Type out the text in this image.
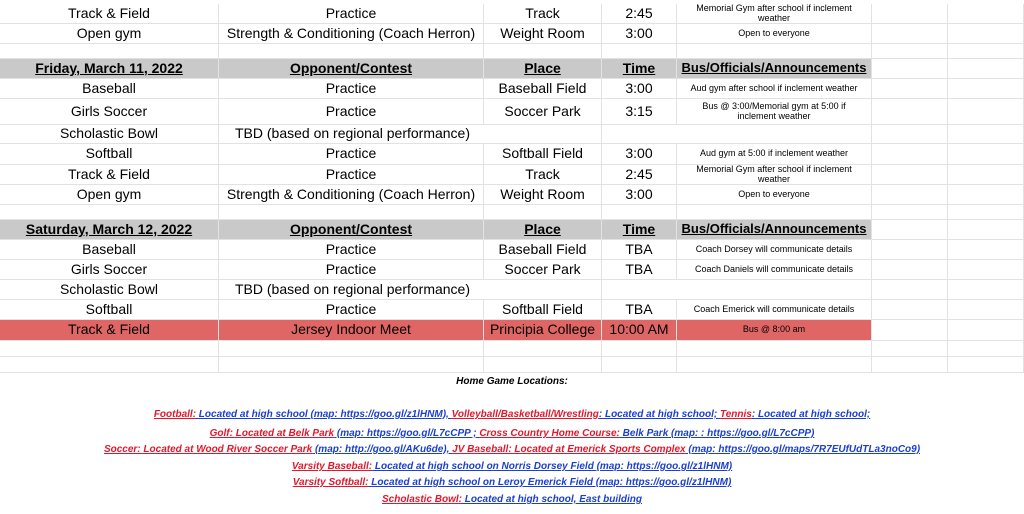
Track & Field	Practice	Track	2:45	Memorial Gym after school if inclement weather
Open gym	Strength & Conditioning (Coach Herron)	Weight Room	3:00	Open to everyone
Friday, March 11, 2022	Opponent/Contest	Place	Time	Bus/Officials/Announcements
Baseball	Practice	Baseball Field	3:00	Aud gym after school if inclement weather
Girls Soccer	Practice	Soccer Park	3:15	Bus @ 3:00/Memorial gym at 5:00 if inclement weather
Scholastic Bowl	TBD (based on regional performance)
Softball	Practice	Softball Field	3:00	Aud gym at 5:00 if inclement weather
Track & Field	Practice	Track	2:45	Memorial Gym after school if inclement weather
Open gym	Strength & Conditioning (Coach Herron)	Weight Room	3:00	Open to everyone
Saturday, March 12, 2022	Opponent/Contest	Place	Time	Bus/Officials/Announcements
Baseball	Practice	Baseball Field	TBA	Coach Dorsey will communicate details
Girls Soccer	Practice	Soccer Park	TBA	Coach Daniels will communicate details
Scholastic Bowl	TBD (based on regional performance)
Softball	Practice	Softball Field	TBA	Coach Emerick will communicate details
Track & Field	Jersey Indoor Meet	Principia College	10:00 AM	Bus @ 8:00 am
Home Game Locations:
Football: Located at high school (map: https://goo.gl/z1lHNM), Volleyball/Basketball/Wrestling: Located at high school; Tennis: Located at high school;
Golf: Located at Belk Park (map: https://goo.gl/L7cCPP ; Cross Country Home Course: Belk Park (map: : https://goo.gl/L7cCPP)
Soccer: Located at Wood River Soccer Park (map: http://goo.gl/AKu6de), JV Baseball: Located at Emerick Sports Complex (map: https://goo.gl/maps/7R7EUfUdTLa3noCo9)
Varsity Baseball: Located at high school on Norris Dorsey Field (map: https://goo.gl/z1lHNM)
Varsity Softball: Located at high school on Leroy Emerick Field (map: https://goo.gl/z1lHNM)
Scholastic Bowl: Located at high school, East building
